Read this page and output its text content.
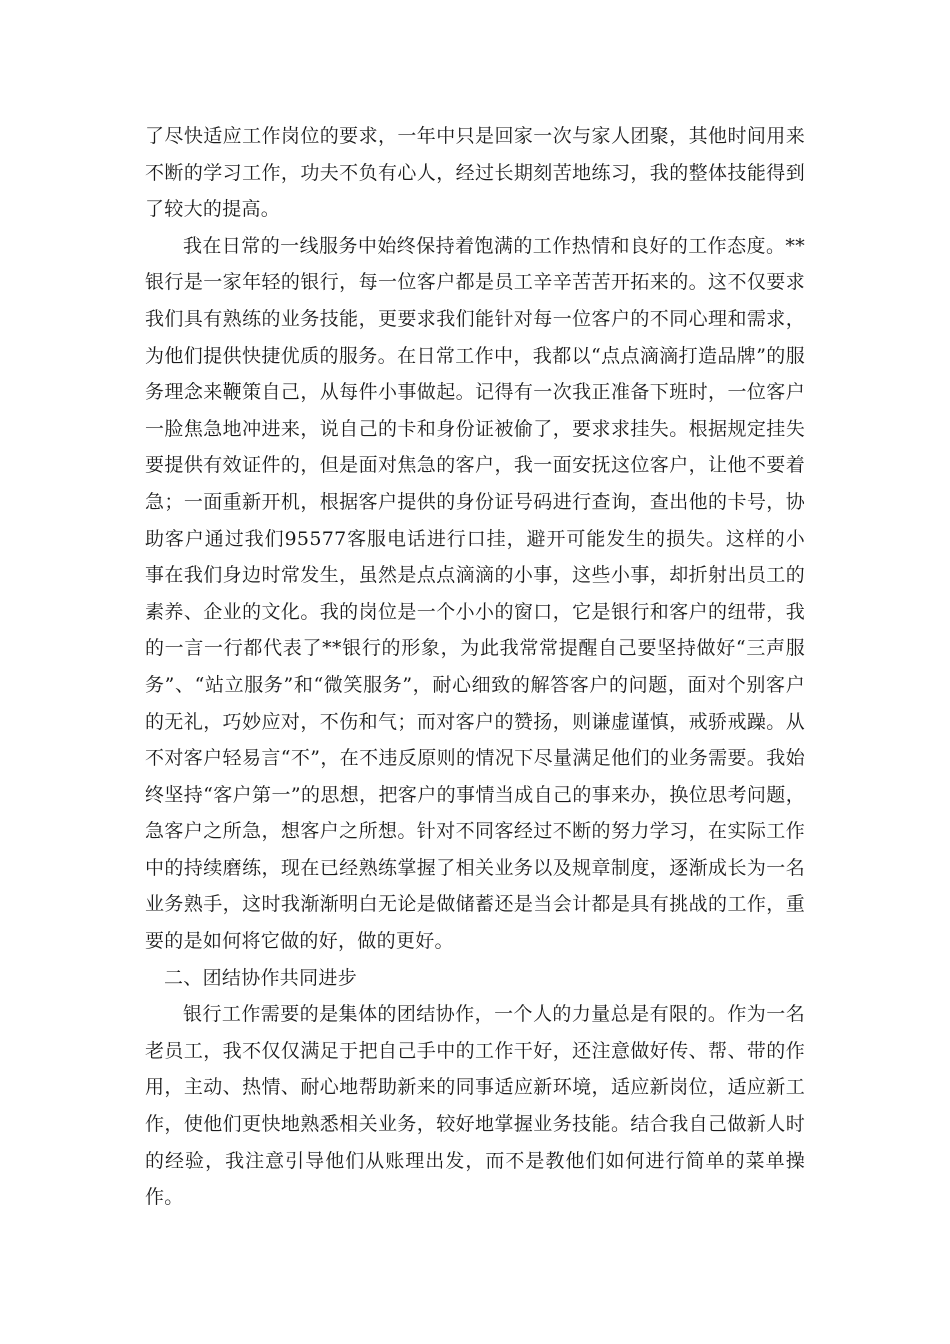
了尽快适应工作岗位的要求，一年中只是回家一次与家人团聚，其他时间用来不断的学习工作，功夫不负有心人，经过长期刻苦地练习，我的整体技能得到了较大的提高。

我在日常的一线服务中始终保持着饱满的工作热情和良好的工作态度。**银行是一家年轻的银行，每一位客户都是员工辛辛苦苦开拓来的。这不仅要求我们具有熟练的业务技能，更要求我们能针对每一位客户的不同心理和需求，为他们提供快捷优质的服务。在日常工作中，我都以“点点滴滴打造品牌”的服务理念来鞭策自己，从每件小事做起。记得有一次我正准备下班时，一位客户一脸焦急地冲进来，说自己的卡和身份证被偷了，要求求挂失。根据规定挂失要提供有效证件的，但是面对焦急的客户，我一面安抚这位客户，让他不要着急；一面重新开机，根据客户提供的身份证号码进行查询，查出他的卡号，协助客户通过我们95577客服电话进行口挂，避开可能发生的损失。这样的小事在我们身边时常发生，虽然是点点滴滴的小事，这些小事，却折射出员工的素养、企业的文化。我的岗位是一个小小的窗口，它是银行和客户的纽带，我的一言一行都代表了**银行的形象，为此我常常提醒自己要坚持做好“三声服务”、“站立服务”和“微笑服务”，耐心细致的解答客户的问题，面对个别客户的无礼，巧妙应对，不伤和气；而对客户的赞扬，则谦虚谨慎，戒骄戒躁。从不对客户轻易言“不”，在不违反原则的情况下尽量满足他们的业务需要。我始终坚持“客户第一”的思想，把客户的事情当成自己的事来办，换位思考问题，急客户之所急，想客户之所想。针对不同客经过不断的努力学习，在实际工作中的持续磨练，现在已经熟练掌握了相关业务以及规章制度，逐渐成长为一名业务熟手，这时我渐渐明白无论是做储蓄还是当会计都是具有挑战的工作，重要的是如何将它做的好，做的更好。

二、团结协作共同进步

银行工作需要的是集体的团结协作，一个人的力量总是有限的。作为一名老员工，我不仅仅满足于把自己手中的工作干好，还注意做好传、帮、带的作用，主动、热情、耐心地帮助新来的同事适应新环境，适应新岗位，适应新工作，使他们更快地熟悉相关业务，较好地掌握业务技能。结合我自己做新人时的经验，我注意引导他们从账理出发，而不是教他们如何进行简单的菜单操作。
